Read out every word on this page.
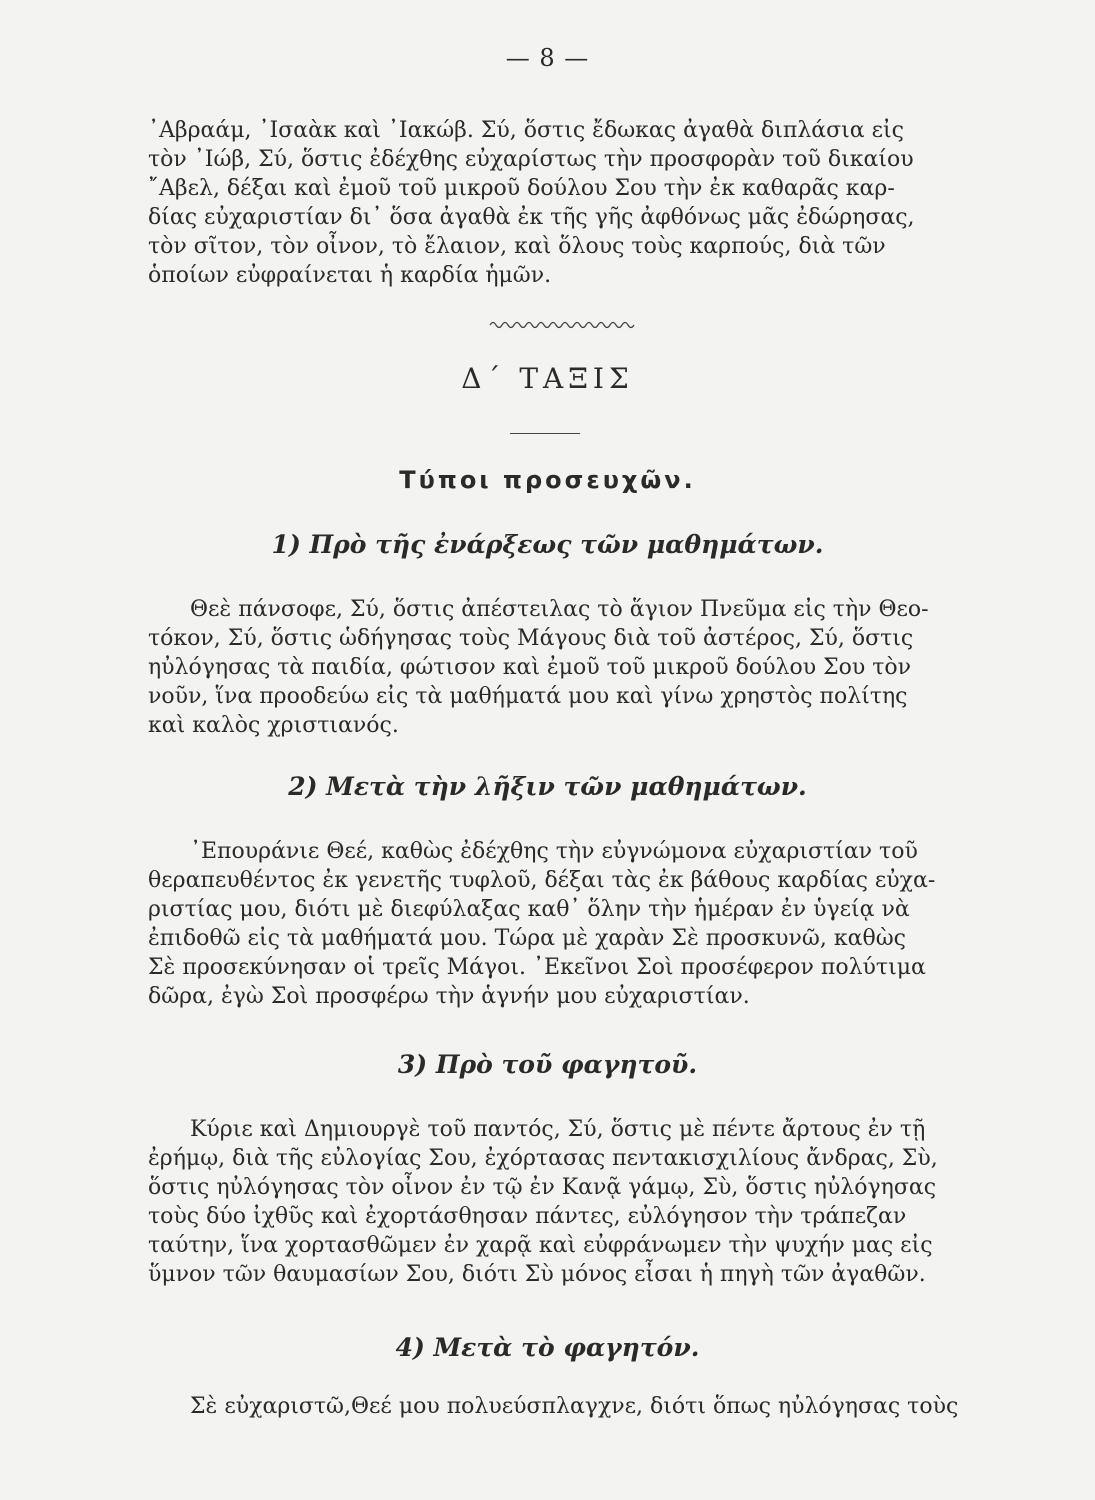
— 8 —
᾿Αβραάμ, ᾿Ισαὰκ καὶ ᾿Ιακώβ. Σύ, ὅστις ἔδωκας ἀγαθὰ διπλάσια εἰς
τὸν ᾿Ιώβ, Σύ, ὅστις ἐδέχθης εὐχαρίστως τὴν προσφορὰν τοῦ δικαίου
῎Αβελ, δέξαι καὶ ἐμοῦ τοῦ μικροῦ δούλου Σου τὴν ἐκ καθαρᾶς καρ-
δίας εὐχαριστίαν δι᾿ ὅσα ἀγαθὰ ἐκ τῆς γῆς ἀφθόνως μᾶς ἐδώρησας,
τὸν σῖτον, τὸν οἶνον, τὸ ἔλαιον, καὶ ὅλους τοὺς καρπούς, διὰ τῶν
ὁποίων εὐφραίνεται ἡ καρδία ἡμῶν.
Δ΄ ΤΑΞΙΣ
Τύποι προσευχῶν.
1) Πρὸ τῆς ἐνάρξεως τῶν μαθημάτων.
Θεὲ πάνσοφε, Σύ, ὅστις ἀπέστειλας τὸ ἅγιον Πνεῦμα εἰς τὴν Θεο-
τόκον, Σύ, ὅστις ὡδήγησας τοὺς Μάγους διὰ τοῦ ἀστέρος, Σύ, ὅστις
ηὐλόγησας τὰ παιδία, φώτισον καὶ ἐμοῦ τοῦ μικροῦ δούλου Σου τὸν
νοῦν, ἵνα προοδεύω εἰς τὰ μαθήματά μου καὶ γίνω χρηστὸς πολίτης
καὶ καλὸς χριστιανός.
2) Μετὰ τὴν λῆξιν τῶν μαθημάτων.
᾿Επουράνιε Θεέ, καθὼς ἐδέχθης τὴν εὐγνώμονα εὐχαριστίαν τοῦ
θεραπευθέντος ἐκ γενετῆς τυφλοῦ, δέξαι τὰς ἐκ βάθους καρδίας εὐχα-
ριστίας μου, διότι μὲ διεφύλαξας καθ᾿ ὅλην τὴν ἡμέραν ἐν ὑγείᾳ νὰ
ἐπιδοθῶ εἰς τὰ μαθήματά μου. Τώρα μὲ χαρὰν Σὲ προσκυνῶ, καθὼς
Σὲ προσεκύνησαν οἱ τρεῖς Μάγοι. ᾿Εκεῖνοι Σοὶ προσέφερον πολύτιμα
δῶρα, ἐγὼ Σοὶ προσφέρω τὴν ἁγνήν μου εὐχαριστίαν.
3) Πρὸ τοῦ φαγητοῦ.
Κύριε καὶ Δημιουργὲ τοῦ παντός, Σύ, ὅστις μὲ πέντε ἄρτους ἐν τῇ
ἐρήμῳ, διὰ τῆς εὐλογίας Σου, ἐχόρτασας πεντακισχιλίους ἄνδρας, Σὺ,
ὅστις ηὐλόγησας τὸν οἶνον ἐν τῷ ἐν Κανᾷ γάμῳ, Σὺ, ὅστις ηὐλόγησας
τοὺς δύο ἰχθῦς καὶ ἐχορτάσθησαν πάντες, εὐλόγησον τὴν τράπεζαν
ταύτην, ἵνα χορτασθῶμεν ἐν χαρᾷ καὶ εὐφράνωμεν τὴν ψυχήν μας εἰς
ὕμνον τῶν θαυμασίων Σου, διότι Σὺ μόνος εἶσαι ἡ πηγὴ τῶν ἀγαθῶν.
4) Μετὰ τὸ φαγητόν.
Σὲ εὐχαριστῶ,Θεέ μου πολυεύσπλαγχνε, διότι ὅπως ηὐλόγησας τοὺς
